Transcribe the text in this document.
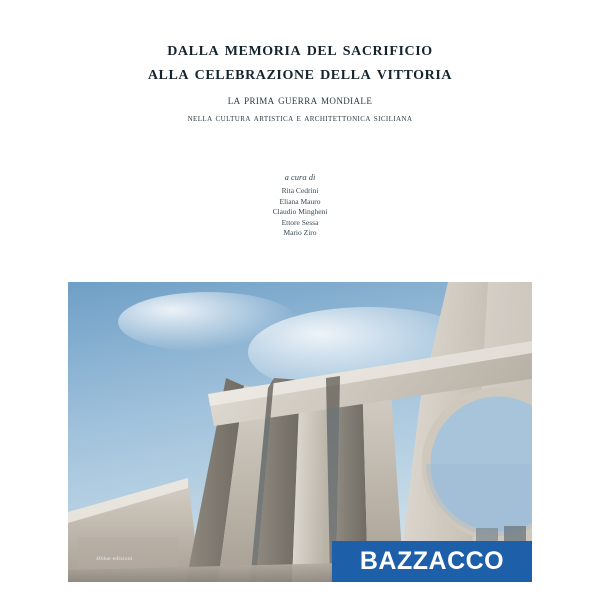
dalla memoria del sacrificio
alla celebrazione della vittoria
la prima guerra mondiale
nella cultura artistica e architettonica siciliana
a cura di
Rita Cedrini
Eliana Mauro
Claudio Mingheni
Ettore Sessa
Mario Ziro
40due edizioni	BAZZACCO
